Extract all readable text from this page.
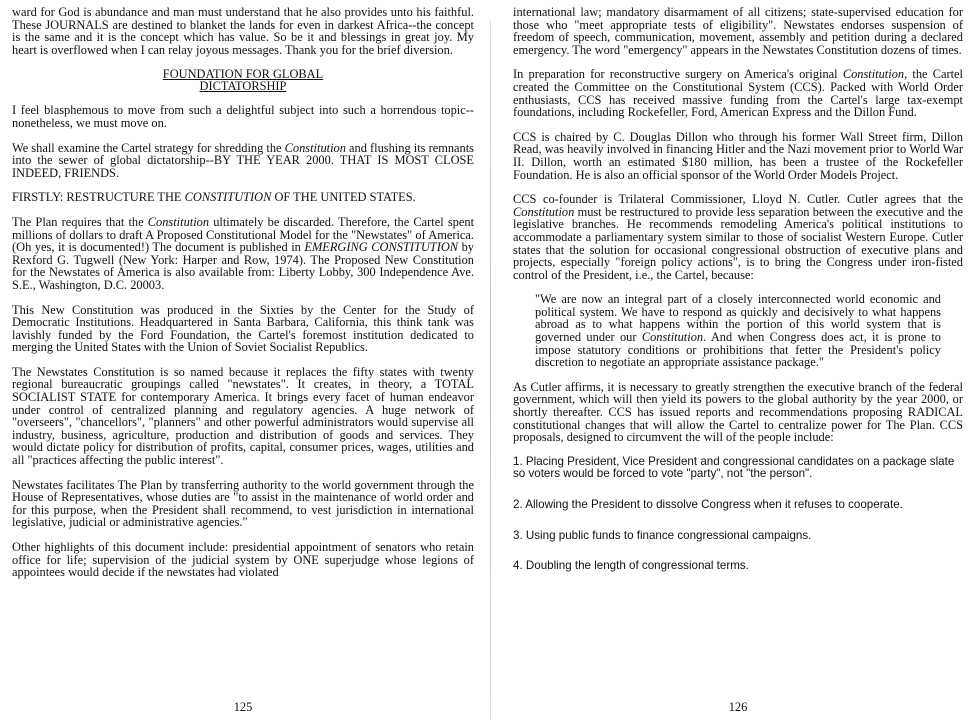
ward for God is abundance and man must understand that he also provides unto his faithful. These JOURNALS are destined to blanket the lands for even in darkest Africa--the concept is the same and it is the concept which has value. So be it and blessings in great joy. My heart is overflowed when I can relay joyous messages. Thank you for the brief diversion.

FOUNDATION FOR GLOBAL DICTATORSHIP

I feel blasphemous to move from such a delightful subject into such a horrendous topic--nonetheless, we must move on.

We shall examine the Cartel strategy for shredding the Constitution and flushing its remnants into the sewer of global dictatorship--BY THE YEAR 2000. THAT IS MOST CLOSE INDEED, FRIENDS.

FIRSTLY: RESTRUCTURE THE CONSTITUTION OF THE UNITED STATES.

The Plan requires that the Constitution ultimately be discarded. Therefore, the Cartel spent millions of dollars to draft A Proposed Constitutional Model for the "Newstates" of America. (Oh yes, it is documented!) The document is published in EMERGING CONSTITUTION by Rexford G. Tugwell (New York: Harper and Row, 1974). The Proposed New Constitution for the Newstates of America is also available from: Liberty Lobby, 300 Independence Ave. S.E., Washington, D.C. 20003.

This New Constitution was produced in the Sixties by the Center for the Study of Democratic Institutions. Headquartered in Santa Barbara, California, this think tank was lavishly funded by the Ford Foundation, the Cartel's foremost institution dedicated to merging the United States with the Union of Soviet Socialist Republics.

The Newstates Constitution is so named because it replaces the fifty states with twenty regional bureaucratic groupings called "newstates". It creates, in theory, a TOTAL SOCIALIST STATE for contemporary America. It brings every facet of human endeavor under control of centralized planning and regulatory agencies. A huge network of "overseers", "chancellors", "planners" and other powerful administrators would supervise all industry, business, agriculture, production and distribution of goods and services. They would dictate policy for distribution of profits, capital, consumer prices, wages, utilities and all "practices affecting the public interest".

Newstates facilitates The Plan by transferring authority to the world government through the House of Representatives, whose duties are "to assist in the maintenance of world order and for this purpose, when the President shall recommend, to vest jurisdiction in international legislative, judicial or administrative agencies."

Other highlights of this document include: presidential appointment of senators who retain office for life; supervision of the judicial system by ONE superjudge whose legions of appointees would decide if the newstates had violated

125

international law; mandatory disarmament of all citizens; state-supervised education for those who "meet appropriate tests of eligibility". Newstates endorses suspension of freedom of speech, communication, movement, assembly and petition during a declared emergency. The word "emergency" appears in the Newstates Constitution dozens of times.

In preparation for reconstructive surgery on America's original Constitution, the Cartel created the Committee on the Constitutional System (CCS). Packed with World Order enthusiasts, CCS has received massive funding from the Cartel's large tax-exempt foundations, including Rockefeller, Ford, American Express and the Dillon Fund.

CCS is chaired by C. Douglas Dillon who through his former Wall Street firm, Dillon Read, was heavily involved in financing Hitler and the Nazi movement prior to World War II. Dillon, worth an estimated $180 million, has been a trustee of the Rockefeller Foundation. He is also an official sponsor of the World Order Models Project.

CCS co-founder is Trilateral Commissioner, Lloyd N. Cutler. Cutler agrees that the Constitution must be restructured to provide less separation between the executive and the legislative branches. He recommends remodeling America's political institutions to accommodate a parliamentary system similar to those of socialist Western Europe. Cutler states that the solution for occasional congressional obstruction of executive plans and projects, especially "foreign policy actions", is to bring the Congress under iron-fisted control of the President, i.e., the Cartel, because:

"We are now an integral part of a closely interconnected world economic and political system. We have to respond as quickly and decisively to what happens abroad as to what happens within the portion of this world system that is governed under our Constitution. And when Congress does act, it is prone to impose statutory conditions or prohibitions that fetter the President's policy discretion to negotiate an appropriate assistance package."

As Cutler affirms, it is necessary to greatly strengthen the executive branch of the federal government, which will then yield its powers to the global authority by the year 2000, or shortly thereafter. CCS has issued reports and recommendations proposing RADICAL constitutional changes that will allow the Cartel to centralize power for The Plan. CCS proposals, designed to circumvent the will of the people include:

1. Placing President, Vice President and congressional candidates on a package slate so voters would be forced to vote "party", not "the person".
2. Allowing the President to dissolve Congress when it refuses to cooperate.
3. Using public funds to finance congressional campaigns.
4. Doubling the length of congressional terms.
126
